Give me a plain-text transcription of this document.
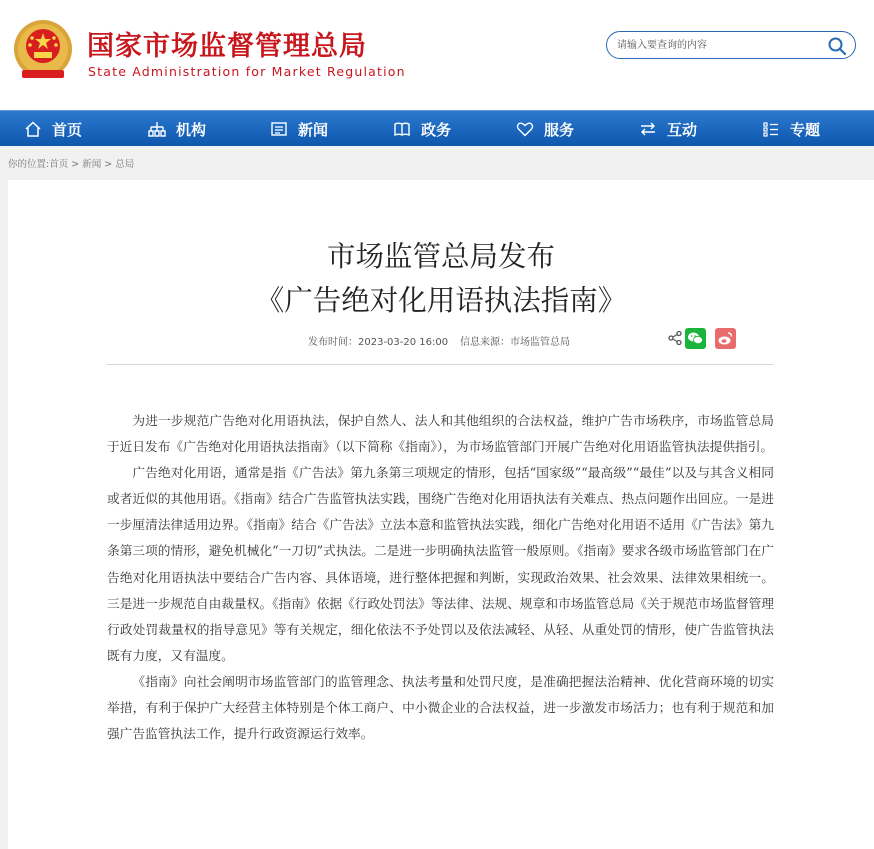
国家市场监督管理总局
State Administration for Market Regulation
请输入要查询的内容
首页	机构	新闻	政务	服务	互动	专题
你的位置:首页 > 新闻 > 总局
市场监管总局发布
《广告绝对化用语执法指南》
发布时间：2023-03-20 16:00 信息来源：市场监管总局

为进一步规范广告绝对化用语执法，保护自然人、法人和其他组织的合法权益，维护广告市场秩序，市场监管总局于近日发布《广告绝对化用语执法指南》（以下简称《指南》），为市场监管部门开展广告绝对化用语监管执法提供指引。

广告绝对化用语，通常是指《广告法》第九条第三项规定的情形，包括“国家级”“最高级”“最佳”以及与其含义相同或者近似的其他用语。《指南》结合广告监管执法实践，围绕广告绝对化用语执法有关难点、热点问题作出回应。一是进一步厘清法律适用边界。《指南》结合《广告法》立法本意和监管执法实践，细化广告绝对化用语不适用《广告法》第九条第三项的情形，避免机械化“一刀切”式执法。二是进一步明确执法监管一般原则。《指南》要求各级市场监管部门在广告绝对化用语执法中要结合广告内容、具体语境，进行整体把握和判断，实现政治效果、社会效果、法律效果相统一。三是进一步规范自由裁量权。《指南》依据《行政处罚法》等法律、法规、规章和市场监管总局《关于规范市场监督管理行政处罚裁量权的指导意见》等有关规定，细化依法不予处罚以及依法减轻、从轻、从重处罚的情形，使广告监管执法既有力度，又有温度。

《指南》向社会阐明市场监管部门的监管理念、执法考量和处罚尺度，是准确把握法治精神、优化营商环境的切实举措，有利于保护广大经营主体特别是个体工商户、中小微企业的合法权益，进一步激发市场活力；也有利于规范和加强广告监管执法工作，提升行政资源运行效率。
